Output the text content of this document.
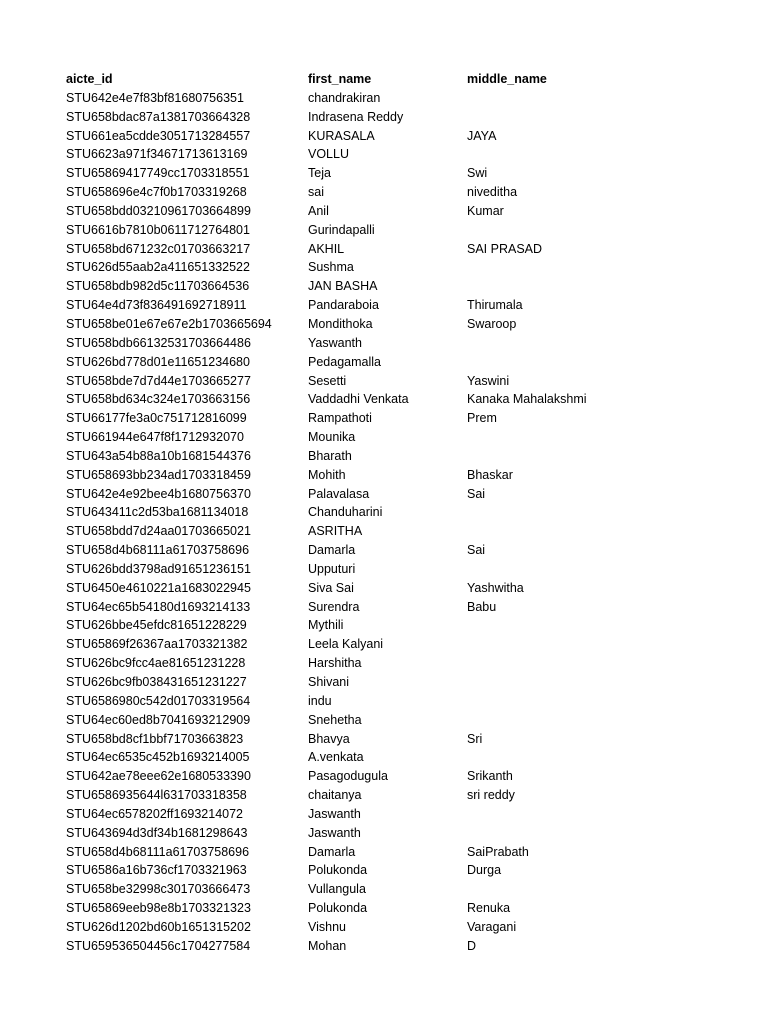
aicte_id	first_name	middle_name
STU642e4e7f83bf81680756351	chandrakiran	
STU658bdac87a1381703664328	Indrasena Reddy	
STU661ea5cdde3051713284557	KURASALA	JAYA
STU6623a971f34671713613169	VOLLU	
STU65869417749cc1703318551	Teja	Swi
STU658696e4c7f0b1703319268	sai	niveditha
STU658bdd03210961703664899	Anil	Kumar
STU6616b7810b0611712764801	Gurindapalli	
STU658bd671232c01703663217	AKHIL	SAI PRASAD
STU626d55aab2a411651332522	Sushma	
STU658bdb982d5c11703664536	JAN BASHA	
STU64e4d73f836491692718911	Pandaraboia	Thirumala
STU658be01e67e67e2b1703665694	Mondithoka	Swaroop
STU658bdb66132531703664486	Yaswanth	
STU626bd778d01e11651234680	Pedagamalla	
STU658bde7d7d44e1703665277	Sesetti	Yaswini
STU658bd634c324e1703663156	Vaddadhi Venkata	Kanaka Mahalakshmi
STU66177fe3a0c751712816099	Rampathoti	Prem
STU661944e647f8f1712932070	Mounika	
STU643a54b88a10b1681544376	Bharath	
STU658693bb234ad1703318459	Mohith	Bhaskar
STU642e4e92bee4b1680756370	Palavalasa	Sai
STU643411c2d53ba1681134018	Chanduharini	
STU658bdd7d24aa01703665021	ASRITHA	
STU658d4b68111a61703758696	Damarla	Sai
STU626bdd3798ad91651236151	Upputuri	
STU6450e4610221a1683022945	Siva Sai	Yashwitha
STU64ec65b54180d1693214133	Surendra	Babu
STU626bbe45efdc81651228229	Mythili	
STU65869f26367aa1703321382	Leela Kalyani	
STU626bc9fcc4ae81651231228	Harshitha	
STU626bc9fb038431651231227	Shivani	
STU6586980c542d01703319564	indu	
STU64ec60ed8b7041693212909	Snehetha	
STU658bd8cf1bbf71703663823	Bhavya	Sri
STU64ec6535c452b1693214005	A.venkata	
STU642ae78eee62e1680533390	Pasagodugula	Srikanth
STU6586935644l631703318358	chaitanya	sri reddy
STU64ec6578202ff1693214072	Jaswanth	
STU643694d3df34b1681298643	Jaswanth	
STU658d4b68111a61703758696	Damarla	SaiPrabath
STU6586a16b736cf1703321963	Polukonda	Durga
STU658be32998c301703666473	Vullangula	
STU65869eeb98e8b1703321323	Polukonda	Renuka
STU626d1202bd60b1651315202	Vishnu	Varagani
STU659536504456c1704277584	Mohan	D
